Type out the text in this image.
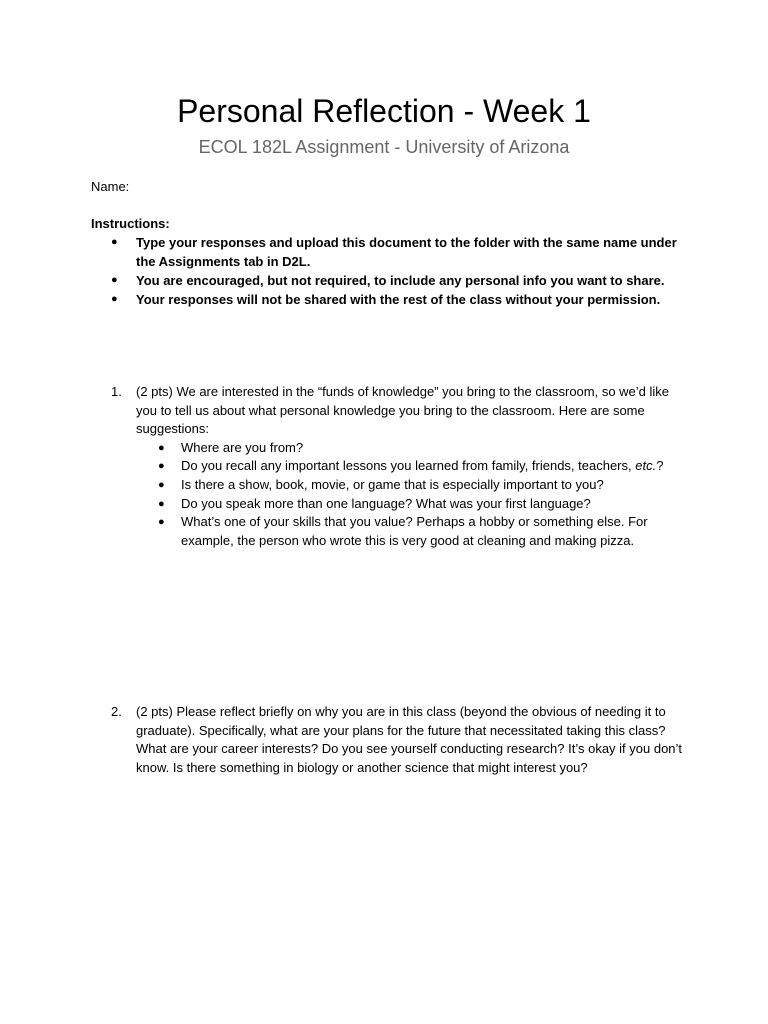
Personal Reflection - Week 1
ECOL 182L Assignment - University of Arizona
Name:
Instructions:
● Type your responses and upload this document to the folder with the same name under the Assignments tab in D2L.
● You are encouraged, but not required, to include any personal info you want to share.
● Your responses will not be shared with the rest of the class without your permission.
1. (2 pts) We are interested in the “funds of knowledge” you bring to the classroom, so we’d like you to tell us about what personal knowledge you bring to the classroom. Here are some suggestions:
● Where are you from?
● Do you recall any important lessons you learned from family, friends, teachers, etc.?
● Is there a show, book, movie, or game that is especially important to you?
● Do you speak more than one language? What was your first language?
● What’s one of your skills that you value? Perhaps a hobby or something else. For example, the person who wrote this is very good at cleaning and making pizza.
2. (2 pts) Please reflect briefly on why you are in this class (beyond the obvious of needing it to graduate). Specifically, what are your plans for the future that necessitated taking this class? What are your career interests? Do you see yourself conducting research? It’s okay if you don’t know. Is there something in biology or another science that might interest you?
